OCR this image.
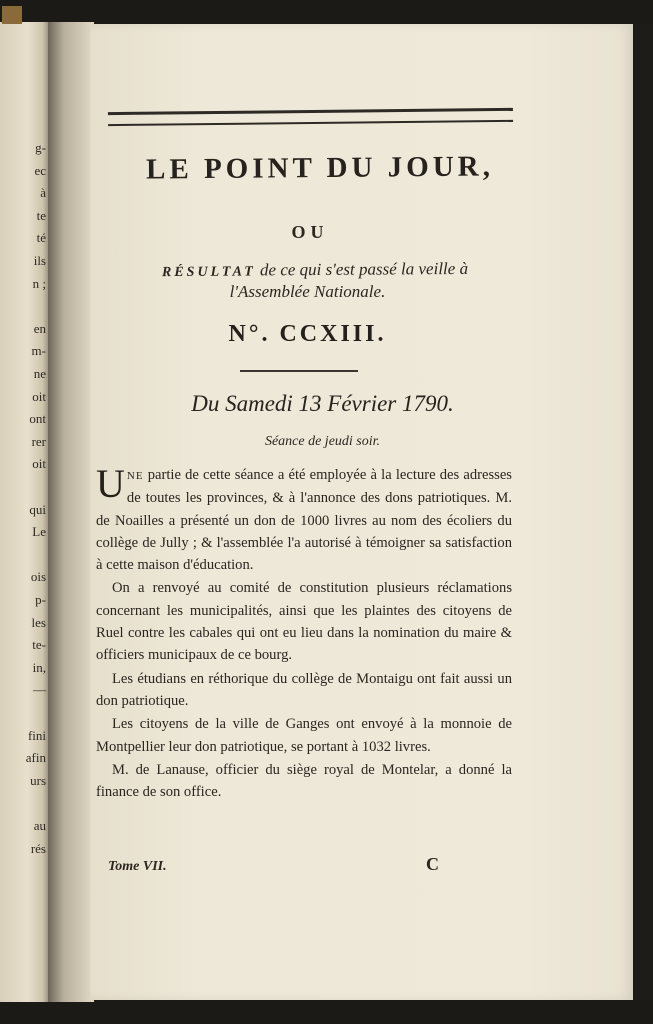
g-
ec
à
te
té
ils
n ;
en
m-
ne
oit
ont
rer
oit
qui
Le
ois
p-
les
te-
in,
—
fini
afin
urs
au
rés
LE POINT DU JOUR,
OU
RÉSULTAT de ce qui s'est passé la veille à
l'Assemblée Nationale.
N°. CCXIII.
Du Samedi 13 Février 1790.
Séance de jeudi soir.

UNE partie de cette séance a été employée à la lecture des adresses de toutes les provinces, & à l'annonce des dons patriotiques. M. de Noailles a présenté un don de 1000 livres au nom des écoliers du collège de Jully ; & l'assemblée l'a autorisé à témoigner sa satisfaction à cette maison d'éducation.

On a renvoyé au comité de constitution plusieurs réclamations concernant les municipalités, ainsi que les plaintes des citoyens de Ruel contre les cabales qui ont eu lieu dans la nomination du maire & officiers municipaux de ce bourg.

Les étudians en réthorique du collège de Montaigu ont fait aussi un don patriotique.

Les citoyens de la ville de Ganges ont envoyé à la monnoie de Montpellier leur don patriotique, se portant à 1032 livres.

M. de Lanause, officier du siège royal de Montelar, a donné la finance de son office.

Tome VII.	C
